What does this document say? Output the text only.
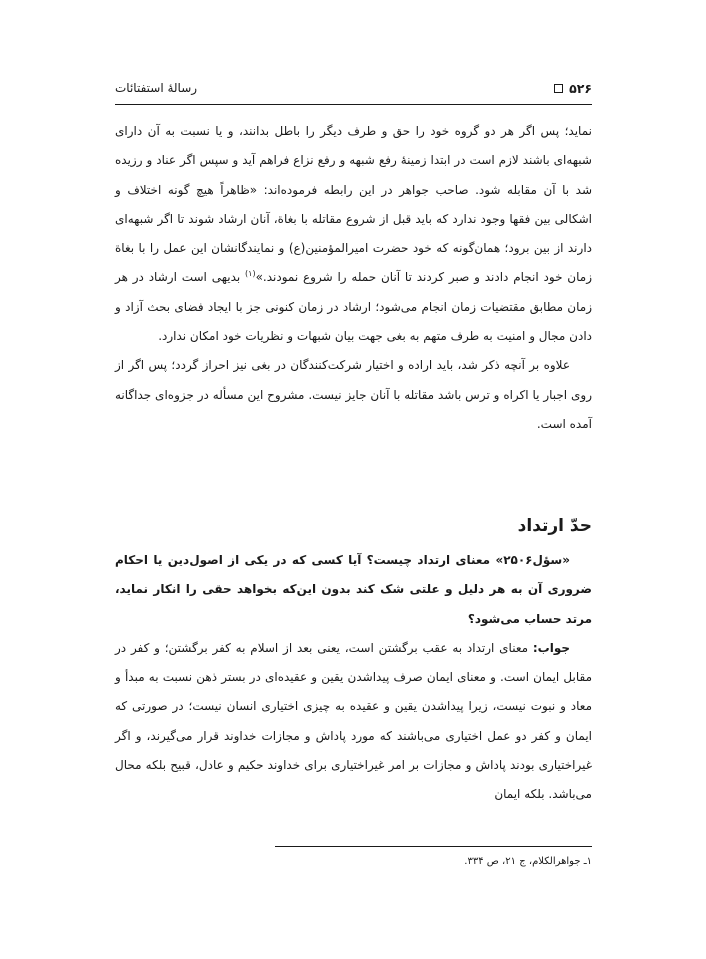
۵۲۶
رسالهٔ استفتائات

نماید؛ پس اگر هر دو گروه خود را حق و طرف دیگر را باطل بدانند، و یا نسبت به آن دارای شبهه‌ای باشند لازم است در ابتدا زمینهٔ رفع شبهه و رفع نزاع فراهم آید و سپس اگر عناد و رزیده شد با آن مقابله شود. صاحب جواهر در این رابطه فرموده‌اند: «ظاهراً هیچ گونه اختلاف و اشکالی بین فقها وجود ندارد که باید قبل از شروع مقاتله با بغاة، آنان ارشاد شوند تا اگر شبهه‌ای دارند از بین برود؛ همان‌گونه که خود حضرت امیرالمؤمنین(ع) و نمایندگانشان این عمل را با بغاة زمان خود انجام دادند و صبر کردند تا آنان حمله را شروع نمودند.»$^{(۱)}$ بدیهی است ارشاد در هر زمان مطابق مقتضیات زمان انجام می‌شود؛ ارشاد در زمان کنونی جز با ایجاد فضای بحث آزاد و دادن مجال و امنیت به طرف متهم به بغی جهت بیان شبهات و نظریات خود امکان ندارد.

علاوه بر آنچه ذکر شد، باید اراده و اختیار شرکت‌کنندگان در بغی نیز احراز گردد؛ پس اگر از روی اجبار یا اکراه و ترس باشد مقاتله با آنان جایز نیست. مشروح این مسأله در جزوه‌ای جداگانه آمده است.

حدّ ارتداد

«سؤل۲۵۰۶» معنای ارتداد چیست؟ آیا کسی که در یکی از اصول‌دین یا احکام ضروری آن به هر دلیل و علتی شک کند بدون این‌که بخواهد حقی را انکار نماید، مرتد حساب می‌شود؟

جواب: معنای ارتداد به عقب برگشتن است، یعنی بعد از اسلام به کفر برگشتن؛ و کفر در مقابل ایمان است. و معنای ایمان صرف پیداشدن یقین و عقیده‌ای در بستر ذهن نسبت به مبدأ و معاد و نبوت نیست، زیرا پیداشدن یقین و عقیده به چیزی اختیاری انسان نیست؛ در صورتی که ایمان و کفر دو عمل اختیاری می‌باشند که مورد پاداش و مجازات خداوند قرار می‌گیرند، و اگر غیراختیاری بودند پاداش و مجازات بر امر غیراختیاری برای خداوند حکیم و عادل، قبیح بلکه محال می‌باشد. بلکه ایمان

۱ـ جواهرالکلام، ج ۲۱، ص ۳۳۴.
